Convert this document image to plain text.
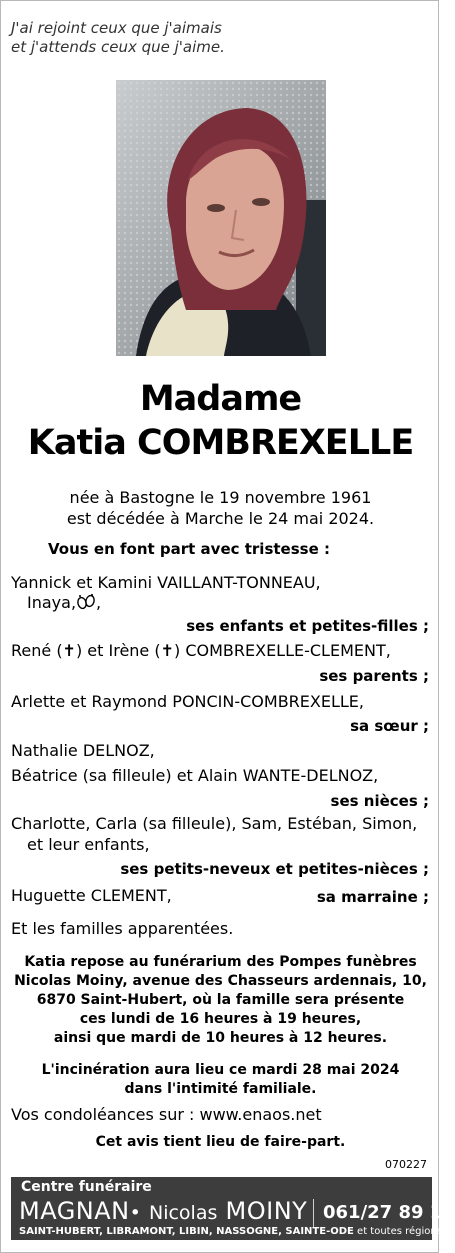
J'ai rejoint ceux que j'aimais
et j'attends ceux que j'aime.
Madame
Katia COMBREXELLE
née à Bastogne le 19 novembre 1961
est décédée à Marche le 24 mai 2024.
Vous en font part avec tristesse :
Yannick et Kamini VAILLANT-TONNEAU,
Inaya, ,
ses enfants et petites-filles ;
René (✝) et Irène (✝) COMBREXELLE-CLEMENT,
ses parents ;
Arlette et Raymond PONCIN-COMBREXELLE,
sa sœur ;
Nathalie DELNOZ,
Béatrice (sa filleule) et Alain WANTE-DELNOZ,
ses nièces ;
Charlotte, Carla (sa filleule), Sam, Estéban, Simon,
et leur enfants,
ses petits-neveux et petites-nièces ;
Huguette CLEMENT,	sa marraine ;
Et les familles apparentées.
Katia repose au funérarium des Pompes funèbres
Nicolas Moiny, avenue des Chasseurs ardennais, 10,
6870 Saint-Hubert, où la famille sera présente
ces lundi de 16 heures à 19 heures,
ainsi que mardi de 10 heures à 12 heures.
L'incinération aura lieu ce mardi 28 mai 2024
dans l'intimité familiale.
Vos condoléances sur : www.enaos.net
Cet avis tient lieu de faire-part.
070227
Centre funéraire
MAGNAN• Nicolas MOINY 061/27 89 16
SAINT-HUBERT, LIBRAMONT, LIBIN, NASSOGNE, SAINTE-ODE et toutes régions
